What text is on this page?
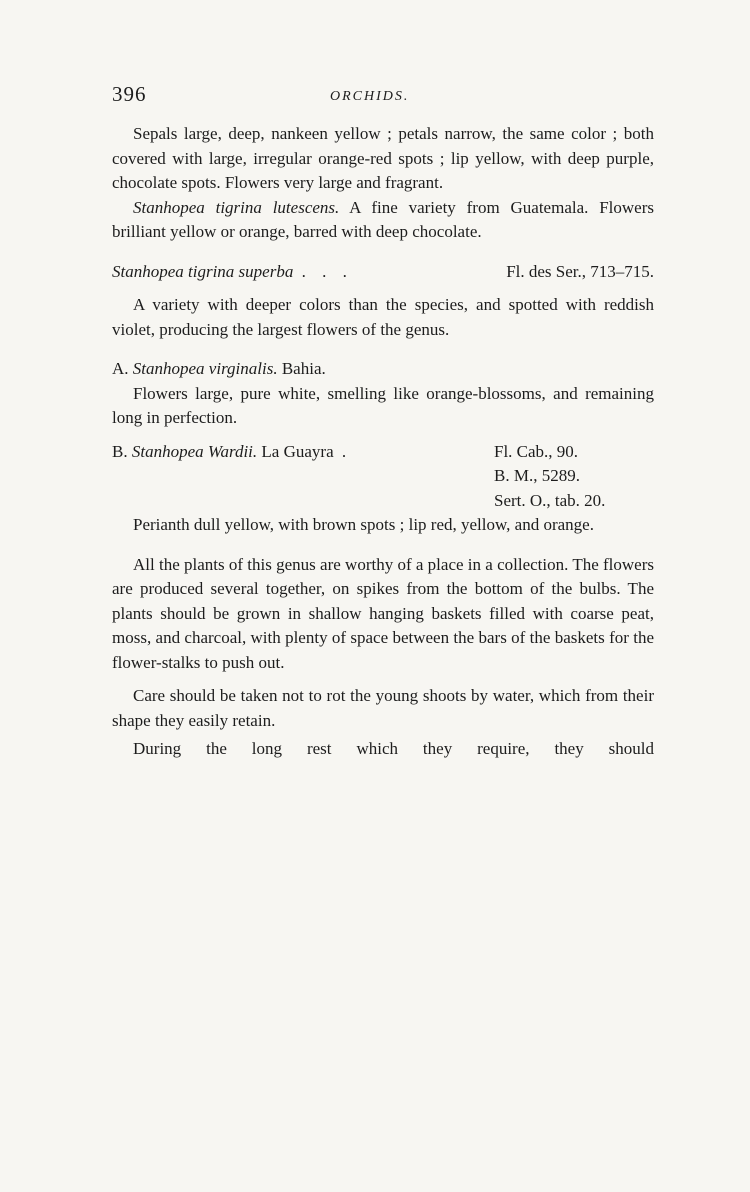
396	ORCHIDS.

Sepals large, deep, nankeen yellow ; petals narrow, the same color ; both covered with large, irregular orange-red spots ; lip yellow, with deep purple, chocolate spots. Flowers very large and fragrant.

Stanhopea tigrina lutescens. A fine variety from Guatemala. Flowers brilliant yellow or orange, barred with deep chocolate.

Stanhopea tigrina superba . . .	Fl. des Ser., 713–715.

A variety with deeper colors than the species, and spotted with reddish violet, producing the largest flowers of the genus.

A. Stanhopea virginalis. Bahia.

Flowers large, pure white, smelling like orange-blossoms, and remaining long in perfection.

B. Stanhopea Wardii. La Guayra .	Fl. Cab., 90.
B. M., 5289.
Sert. O., tab. 20.

Perianth dull yellow, with brown spots ; lip red, yellow, and orange.

All the plants of this genus are worthy of a place in a collection. The flowers are produced several together, on spikes from the bottom of the bulbs. The plants should be grown in shallow hanging baskets filled with coarse peat, moss, and charcoal, with plenty of space between the bars of the baskets for the flower-stalks to push out.

Care should be taken not to rot the young shoots by water, which from their shape they easily retain.

During the long rest which they require, they should
